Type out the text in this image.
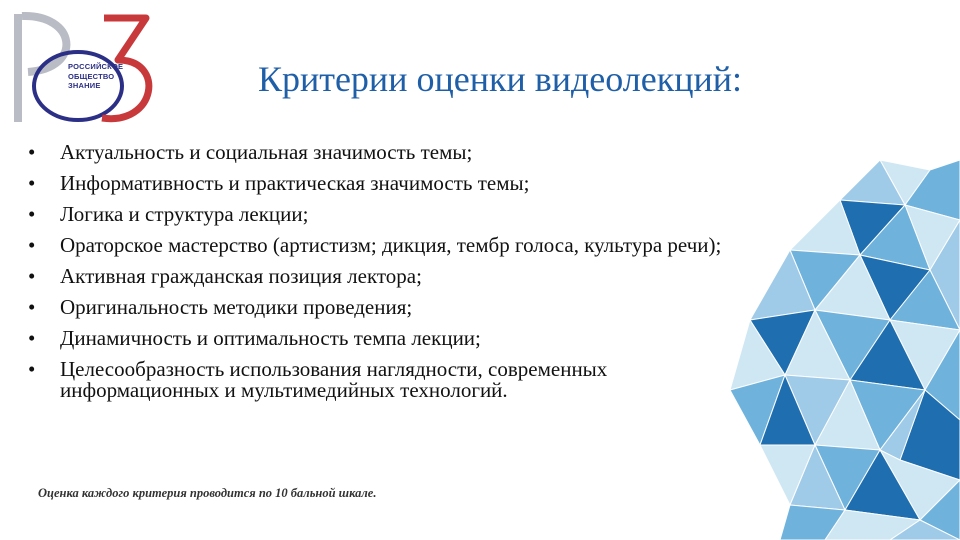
РОССИЙСКОЕ
ОБЩЕСТВО
ЗНАНИЕ	Критерии оценки видеолекций:
• Актуальность и социальная значимость темы;
• Информативность и практическая значимость темы;
• Логика и структура лекции;
• Ораторское мастерство (артистизм; дикция, тембр голоса, культура речи);
• Активная гражданская позиция лектора;
• Оригинальность методики проведения;
• Динамичность и оптимальность темпа лекции;
• Целесообразность использования наглядности, современных информационных и мультимедийных технологий.
Оценка каждого критерия проводится по 10 бальной шкале.
